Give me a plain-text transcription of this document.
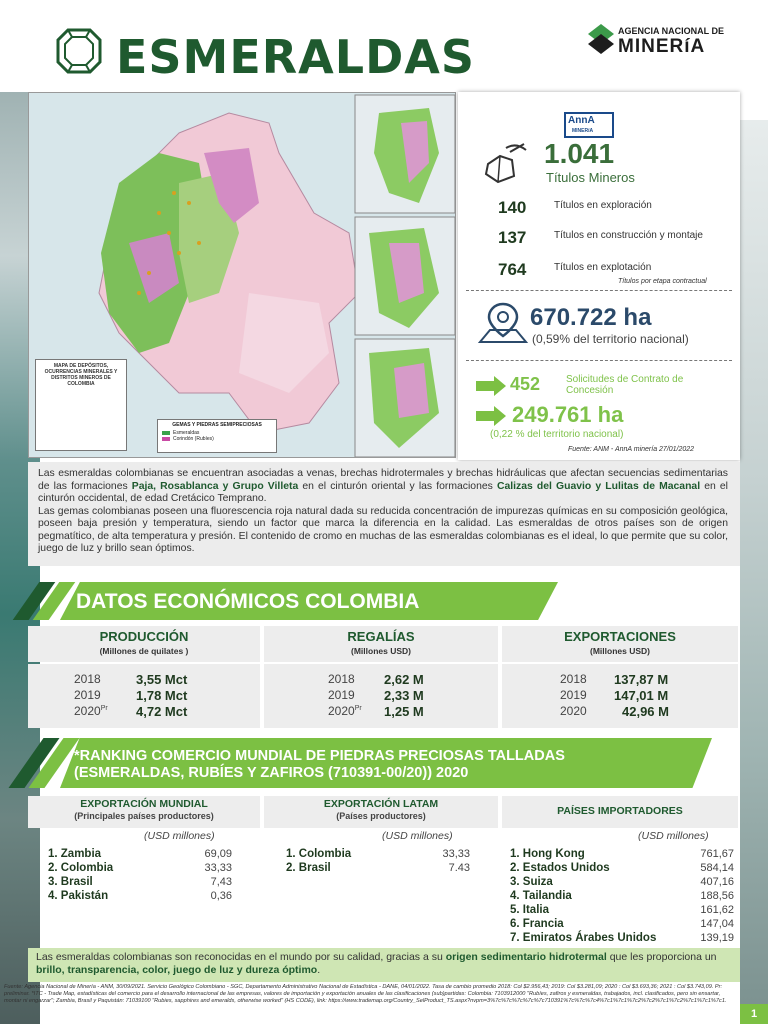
ESMERALDAS	AGENCIA NACIONAL DE
MINERíA
MAPA DE DEPÓSITOS, OCURRENCIAS MINERALES Y DISTRITOS MINEROS DE COLOMBIA
GEMAS Y PIEDRAS SEMIPRECIOSAS
Esmeraldas
Corindón (Rubíes)
AnnA
MINERíA
1.041
Títulos Mineros
140	Títulos en exploración
137	Títulos en construcción y montaje
764	Títulos en explotación
Títulos por etapa contractual
670.722 ha
(0,59% del territorio nacional)
452	Solicitudes de Contrato de Concesión
249.761 ha
(0,22 % del territorio nacional)
Fuente: ANM - AnnA minería 27/01/2022
Las esmeraldas colombianas se encuentran asociadas a venas, brechas hidrotermales y brechas hidráulicas que afectan secuencias sedimentarias de las formaciones Paja, Rosablanca y Grupo Villeta en el cinturón oriental y las formaciones Calizas del Guavio y Lulitas de Macanal en el cinturón occidental, de edad Cretácico Temprano.
Las gemas colombianas poseen una fluorescencia roja natural dada su reducida concentración de impurezas químicas en su composición geológica, poseen baja presión y temperatura, siendo un factor que marca la diferencia en la calidad. Las esmeraldas de otros países son de origen pegmatítico, de alta temperatura y presión. El contenido de cromo en muchas de las esmeraldas colombianas es el ideal, lo que permite que su color, juego de luz y brillo sean óptimos.
DATOS ECONÓMICOS COLOMBIA
PRODUCCIÓN
(Millones de quilates )
2018	3,55 Mct
2019	1,78 Mct
$2020^{Pr}$	4,72 Mct
REGALÍAS
(Millones USD)
2018	2,62 M
2019	2,33 M
$2020^{Pr}$	1,25 M
EXPORTACIONES
(Millones USD)
2018	137,87 M
2019	147,01 M
2020	42,96 M
*RANKING COMERCIO MUNDIAL DE PIEDRAS PRECIOSAS TALLADAS
(ESMERALDAS, RUBÍES Y ZAFIROS (710391-00/20)) 2020
EXPORTACIÓN MUNDIAL
(Principales países productores)
(USD millones)
1. Zambia	69,09
2. Colombia	33,33
3. Brasil	7,43
4. Pakistán	0,36
EXPORTACIÓN LATAM
(Países productores)
(USD millones)
1. Colombia	33,33
2. Brasil	7.43
PAÍSES IMPORTADORES
(USD millones)
1. Hong Kong	761,67
2. Estados Unidos	584,14
3. Suiza	407,16
4. Tailandia	188,56
5. Italia	161,62
6. Francia	147,04
7. Emiratos Árabes Unidos	139,19
Las esmeraldas colombianas son reconocidas en el mundo por su calidad, gracias a su origen sedimentario hidrotermal que les proporciona un brillo, transparencia, color, juego de luz y dureza óptimo.
Fuente: Agencia Nacional de Minería - ANM, 30/09/2021. Servicio Geológico Colombiano - SGC, Departamento Administrativo Nacional de Estadística - DANE, 04/01/2022. Tasa de cambio promedio 2018: Col $2.956,43; 2019: Col $3.281,09; 2020 : Col $3.693,36; 2021 : Col $3.743,09. Pr: preliminar. *ITC - Trade Map, estadísticas del comercio para el desarrollo internacional de las empresas, valores de importación y exportación anuales de las clasificaciones (sub)partidas: Colombia: 7103912000 "Rubíes, zafiros y esmeraldas, trabajados, incl. clasificados, pero sin ensartar, montar ni engarzar"; Zambia, Brasil y Paquistán: 71039100 "Rubies, sapphires and emeralds, otherwise worked" (HS CODE), link: https://www.trademap.org/Country_SelProduct_TS.aspx?nvpm=3%7c%7c%7c%7c%7c710391%7c%7c%7c4%7c1%7c1%7c2%7c2%7c1%7c2%7c1%7c1%7c1.
1
